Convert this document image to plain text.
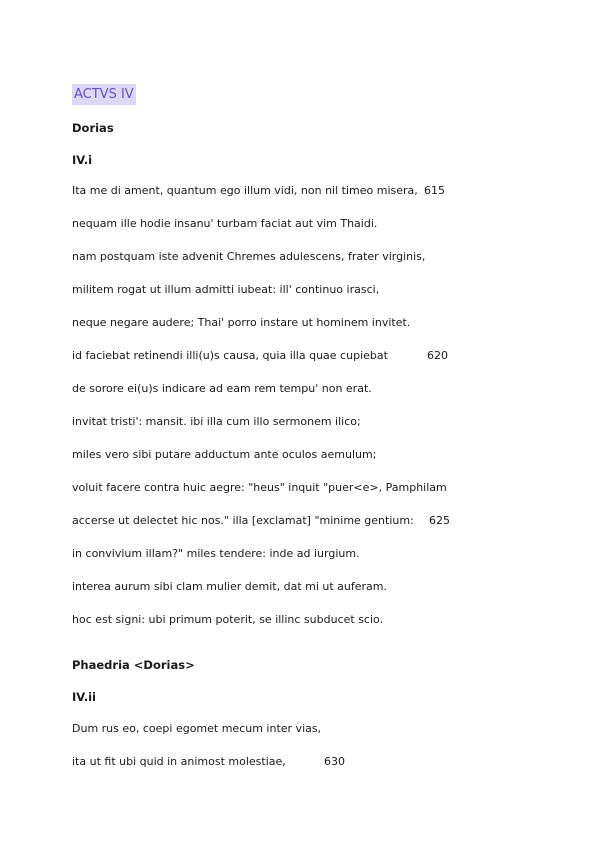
ACTVS IV
Dorias
IV.i
Ita me di ament, quantum ego illum vidi, non nil timeo misera, 615
nequam ille hodie insanu' turbam faciat aut vim Thaidi.
nam postquam iste advenit Chremes adulescens, frater virginis,
militem rogat ut illum admitti iubeat: ill' continuo irasci,
neque negare audere; Thai' porro instare ut hominem invitet.
id faciebat retinendi illi(u)s causa, quia illa quae cupiebat	620
de sorore ei(u)s indicare ad eam rem tempu' non erat.
invitat tristi': mansit. ibi illa cum illo sermonem ilico;
miles vero sibi putare adductum ante oculos aemulum;
voluit facere contra huic aegre: "heus" inquit "puer<e>, Pamphilam
accerse ut delectet hic nos." illa [exclamat] "minime gentium: 625
in convivium illam?" miles tendere: inde ad iurgium.
interea aurum sibi clam mulier demit, dat mi ut auferam.
hoc est signi: ubi primum poterit, se illinc subducet scio.
Phaedria <Dorias>
IV.ii
Dum rus eo, coepi egomet mecum inter vias,
ita ut fit ubi quid in animost molestiae,	630
